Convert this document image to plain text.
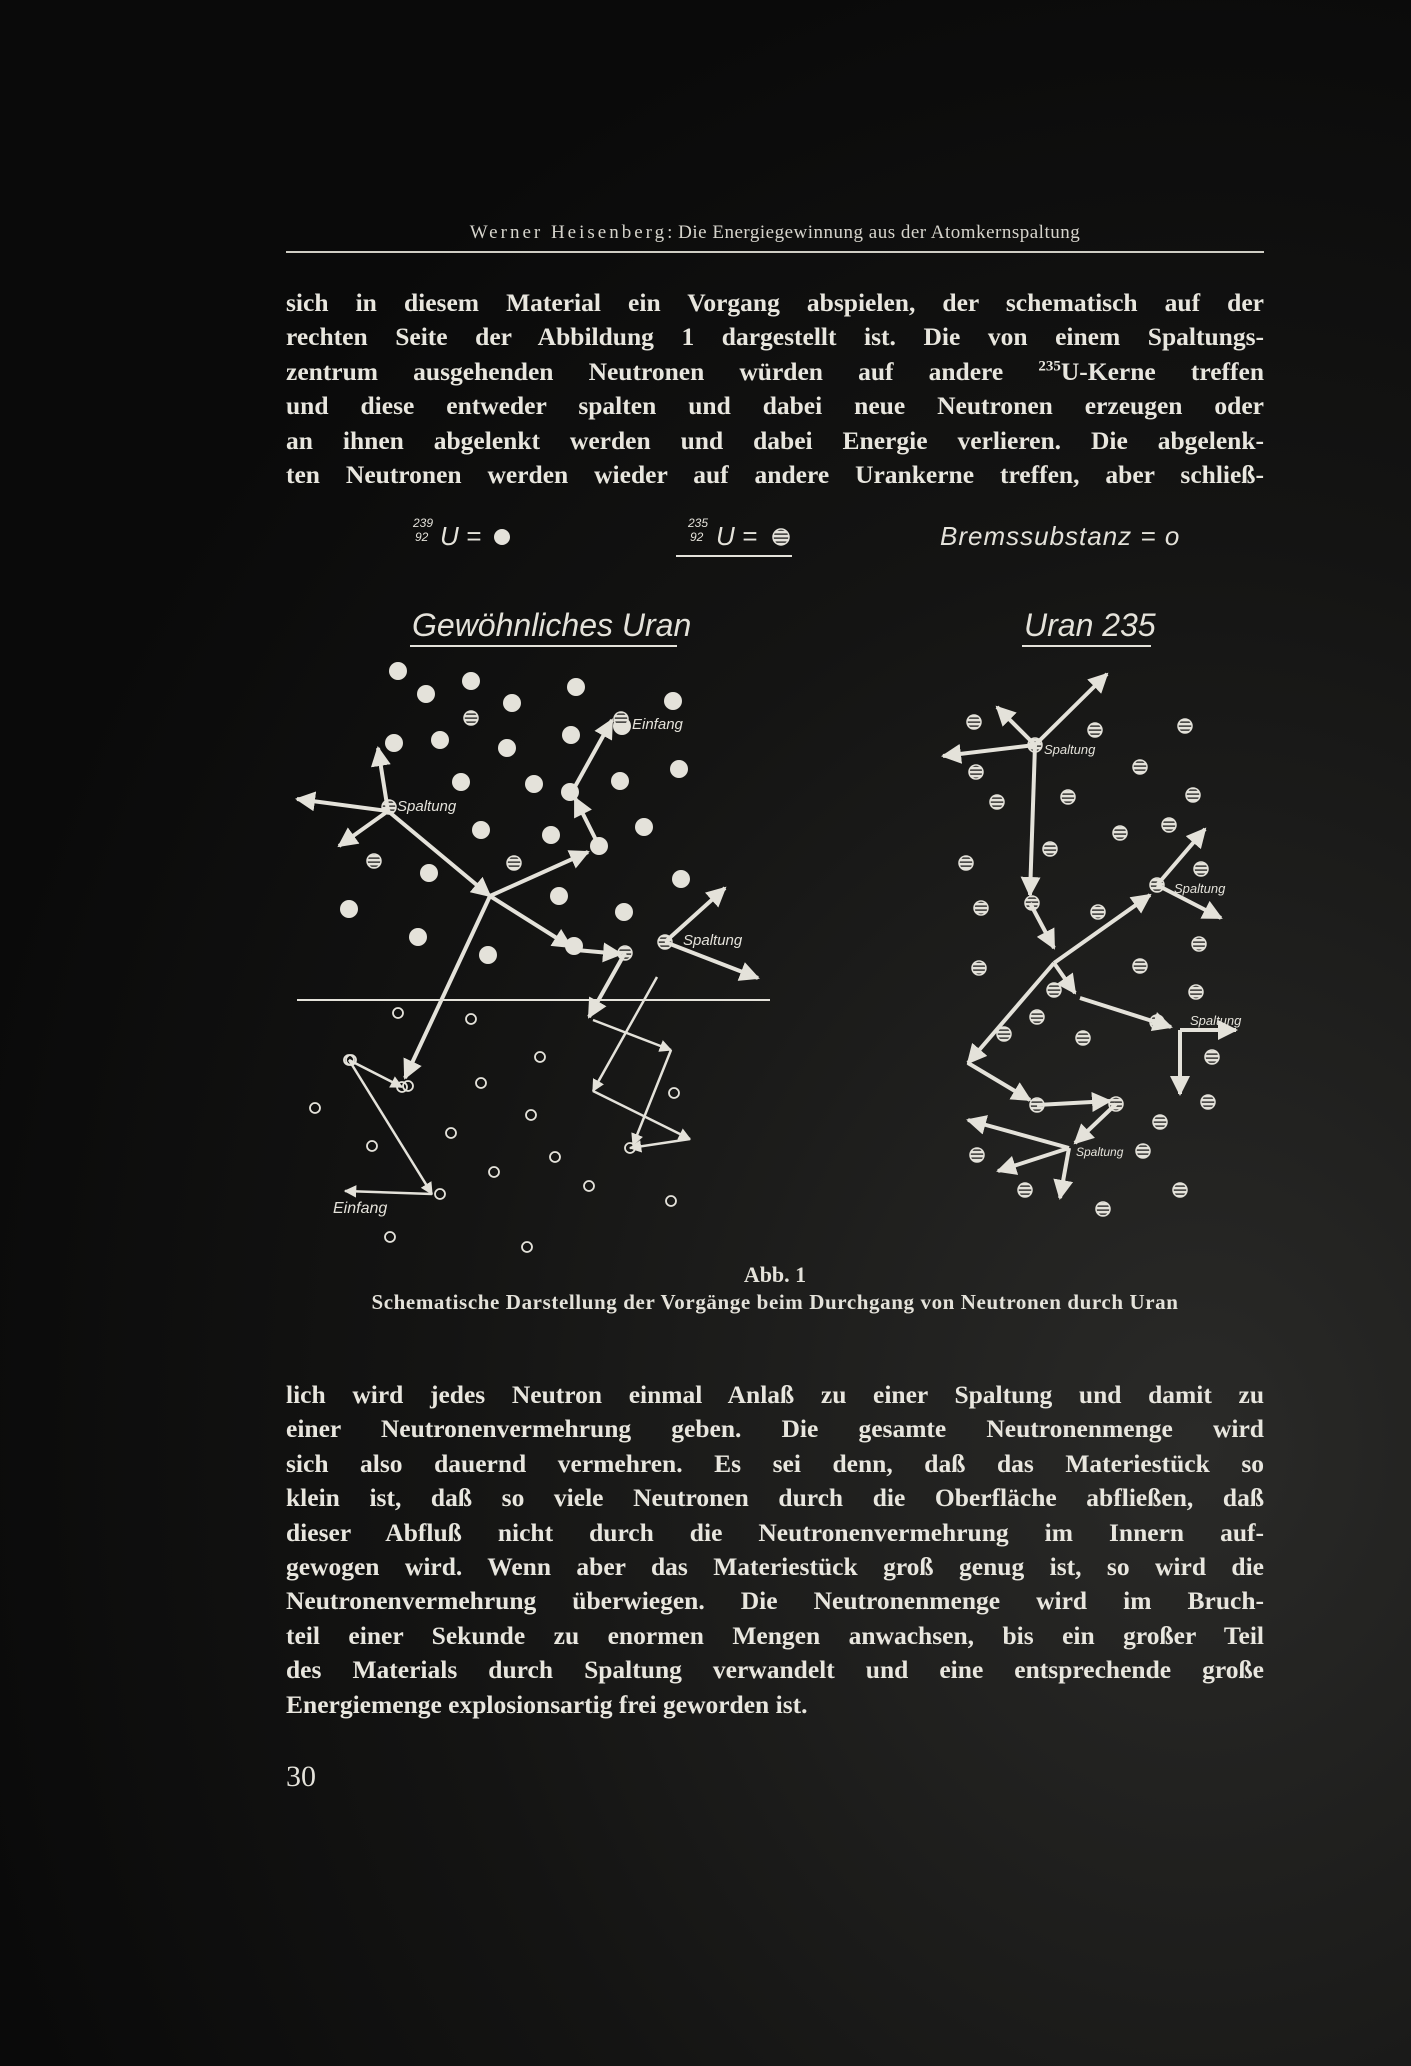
Werner Heisenberg: Die Energiegewinnung aus der Atomkernspaltung
sich in diesem Material ein Vorgang abspielen, der schematisch auf der
rechten Seite der Abbildung 1 dargestellt ist. Die von einem Spaltungs-
zentrum ausgehenden Neutronen würden auf andere $^{235}$U-Kerne treffen
und diese entweder spalten und dabei neue Neutronen erzeugen oder
an ihnen abgelenkt werden und dabei Energie verlieren. Die abgelenk-
ten Neutronen werden wieder auf andere Urankerne treffen, aber schließ-
239
92 U =	235
92 U =	Bremssubstanz = o
Gewöhnliches Uran	Uran 235
Spaltung
Spaltung
Einfang
Einfang
Spaltung
Spaltung
Spaltung
Spaltung
Abb. 1
Schematische Darstellung der Vorgänge beim Durchgang von Neutronen durch Uran
lich wird jedes Neutron einmal Anlaß zu einer Spaltung und damit zu
einer Neutronenvermehrung geben. Die gesamte Neutronenmenge wird
sich also dauernd vermehren. Es sei denn, daß das Materiestück so
klein ist, daß so viele Neutronen durch die Oberfläche abfließen, daß
dieser Abfluß nicht durch die Neutronenvermehrung im Innern auf-
gewogen wird. Wenn aber das Materiestück groß genug ist, so wird die
Neutronenvermehrung überwiegen. Die Neutronenmenge wird im Bruch-
teil einer Sekunde zu enormen Mengen anwachsen, bis ein großer Teil
des Materials durch Spaltung verwandelt und eine entsprechende große
Energiemenge explosionsartig frei geworden ist.
30
